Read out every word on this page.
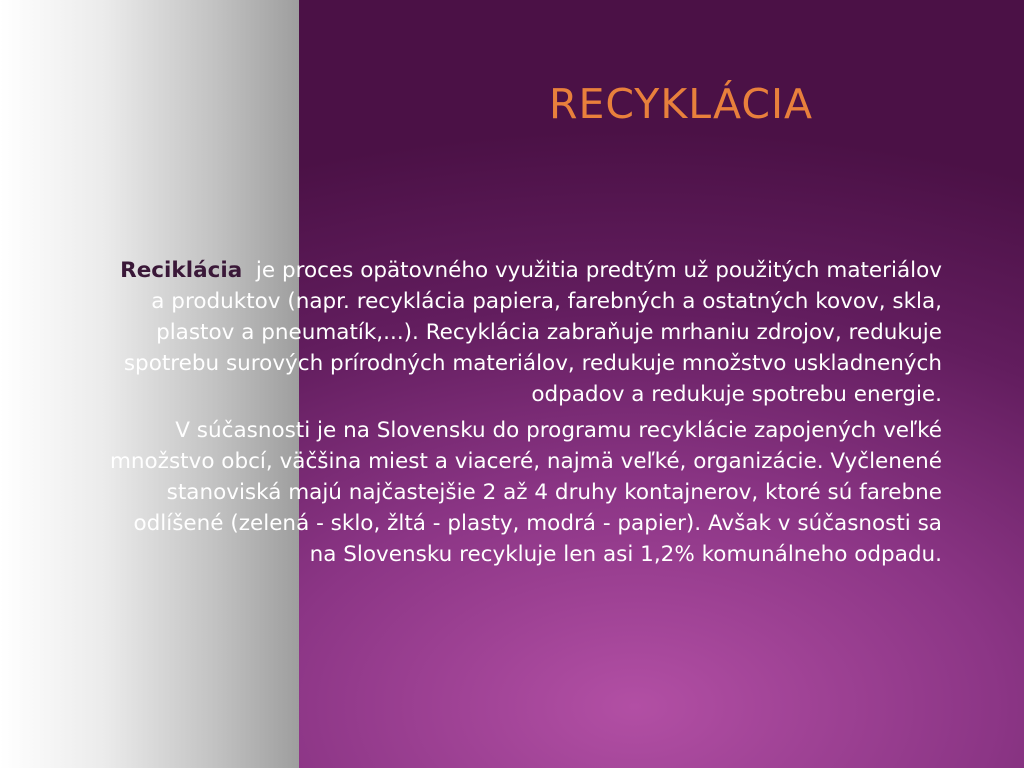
RECYKLÁCIA

Reciklácia  je proces opätovného využitia predtým už použitých materiálov a produktov (napr. recyklácia papiera, farebných a ostatných kovov, skla, plastov a pneumatík,...). Recyklácia zabraňuje mrhaniu zdrojov, redukuje spotrebu surových prírodných materiálov, redukuje množstvo uskladnených odpadov a redukuje spotrebu energie.

V súčasnosti je na Slovensku do programu recyklácie zapojených veľké množstvo obcí, väčšina miest a viaceré, najmä veľké, organizácie. Vyčlenené stanoviská majú najčastejšie 2 až 4 druhy kontajnerov, ktoré sú farebne odlíšené (zelená - sklo, žltá - plasty, modrá - papier). Avšak v súčasnosti sa na Slovensku recykluje len asi 1,2% komunálneho odpadu.
